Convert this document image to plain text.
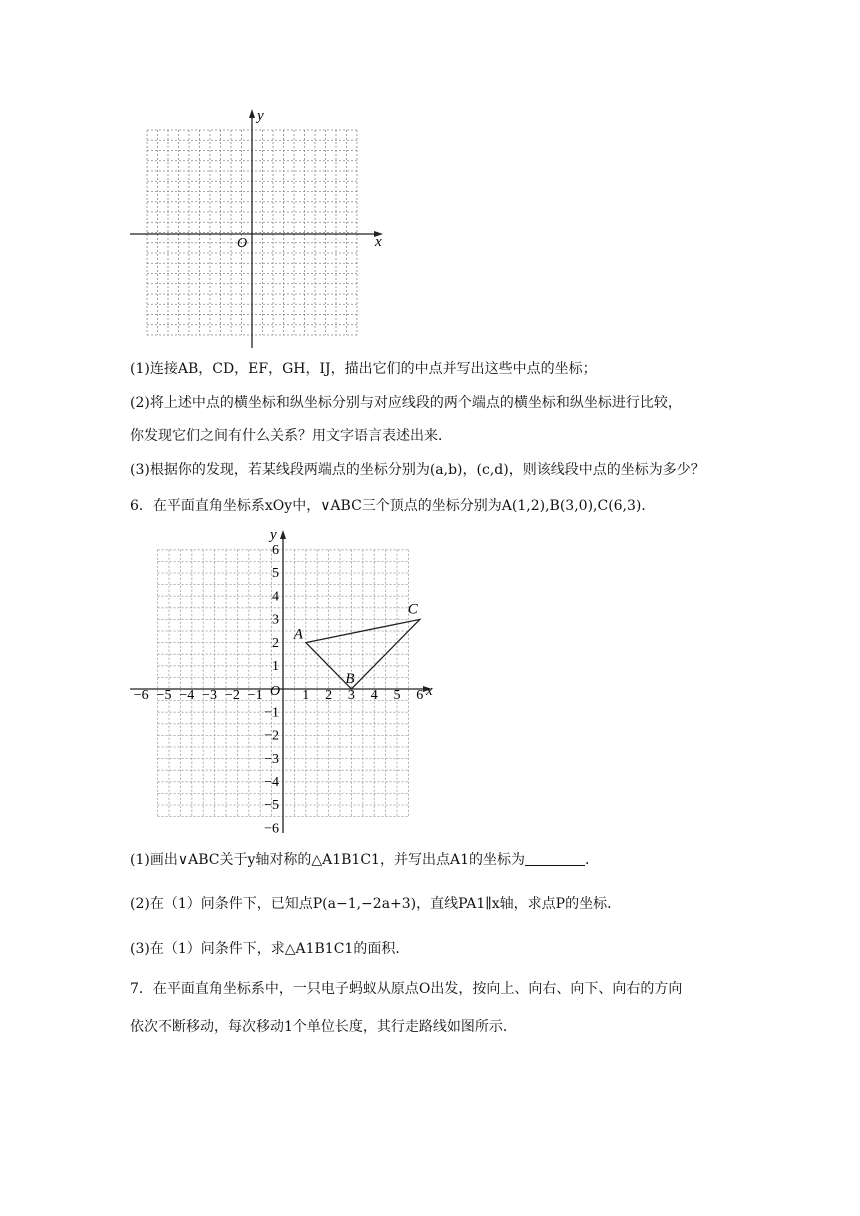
y
x
O
(1)连接AB，CD，EF，GH，IJ，描出它们的中点并写出这些中点的坐标；
(2)将上述中点的横坐标和纵坐标分别与对应线段的两个端点的横坐标和纵坐标进行比较，
你发现它们之间有什么关系？用文字语言表述出来．
(3)根据你的发现，若某线段两端点的坐标分别为(a,b)，(c,d)，则该线段中点的坐标为多少？
6．在平面直角坐标系xOy中，∨ABC三个顶点的坐标分别为A(1,2),B(3,0),C(6,3)．
x
y
O
−6 −5 −4 −3 −2 −1	1 2 3 4 5 6
6
5
4
3
2
1
−1
−2
−3
−4
−5
−6
A
B
C
(1)画出∨ABC关于y轴对称的△A1B1C1，并写出点A1的坐标为	．
(2)在（1）问条件下，已知点P(a−1,−2a+3)，直线PA1∥x轴，求点P的坐标．
(3)在（1）问条件下，求△A1B1C1的面积．
7．在平面直角坐标系中，一只电子蚂蚁从原点O出发，按向上、向右、向下、向右的方向
依次不断移动，每次移动1个单位长度，其行走路线如图所示．
